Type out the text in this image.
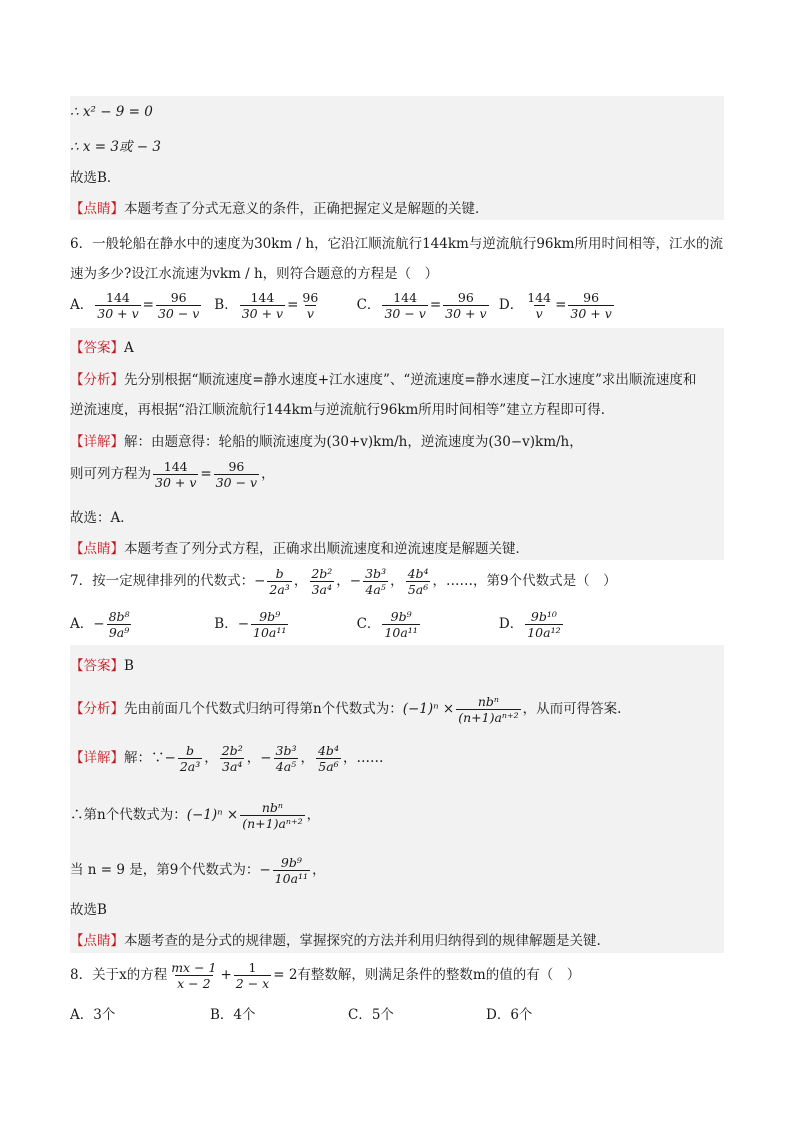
∴ x² − 9 = 0
∴ x = 3或 − 3
故选B．
【点睛】本题考查了分式无意义的条件，正确把握定义是解题的关键．
6．一般轮船在静水中的速度为30km / h，它沿江顺流航行144km与逆流航行96km所用时间相等，江水的流
速为多少?设江水流速为vkm / h，则符合题意的方程是（　）
A． $\frac{144}{30 + v} = \frac{96}{30 - v}$ B． $\frac{144}{30 + v} = \frac{96}{v}$	C． $\frac{144}{30 - v} = \frac{96}{30 + v}$ D． $\frac{144}{v} = \frac{96}{30 + v}$
【答案】A
【分析】先分别根据“顺流速度=静水速度+江水速度”、“逆流速度=静水速度−江水速度”求出顺流速度和
逆流速度，再根据“沿江顺流航行144km与逆流航行96km所用时间相等”建立方程即可得．
【详解】解：由题意得：轮船的顺流速度为(30+v)km/h，逆流速度为(30−v)km/h，
则可列方程为 $\frac{144}{30 + v} = \frac{96}{30 - v}$ ，
故选：A．
【点睛】本题考查了列分式方程，正确求出顺流速度和逆流速度是解题关键．
7．按一定规律排列的代数式：− $\frac{b}{\text{2a³}}$ ， $\frac{\text{2b²}}{\text{3a⁴}}$ ，− $\frac{\text{3b³}}{\text{4a⁵}}$ ， $\frac{\text{4b⁴}}{\text{5a⁶}}$ ，……，第9个代数式是（　）
A．− $\frac{\text{8b⁸}}{\text{9a⁹}}$	B．− $\frac{\text{9b⁹}}{\text{10a¹¹}}$	C． $\frac{\text{9b⁹}}{\text{10a¹¹}}$	D． $\frac{\text{9b¹⁰}}{\text{10a¹²}}$
【答案】B
【分析】先由前面几个代数式归纳可得第n个代数式为：$(-1)^n \times \frac{\text{nbⁿ}}{\text{(n+1)aⁿ⁺²}}$ ，从而可得答案.
【详解】解：∵− $\frac{b}{\text{2a³}}$ ， $\frac{\text{2b²}}{\text{3a⁴}}$ ，− $\frac{\text{3b³}}{\text{4a⁵}}$ ， $\frac{\text{4b⁴}}{\text{5a⁶}}$ ，……
∴第n个代数式为：$(-1)^n \times \frac{\text{nbⁿ}}{\text{(n+1)aⁿ⁺²}}$ ，
当 n = 9 是，第9个代数式为：− $\frac{\text{9b⁹}}{\text{10a¹¹}}$ ，
故选B
【点睛】本题考查的是分式的规律题，掌握探究的方法并利用归纳得到的规律解题是关键.
8．关于x的方程 $\frac{mx - 1}{x - 2} + \frac{1}{2 - x} = 2$有整数解，则满足条件的整数m的值的有（　）
A．3个	B．4个	C．5个	D．6个
